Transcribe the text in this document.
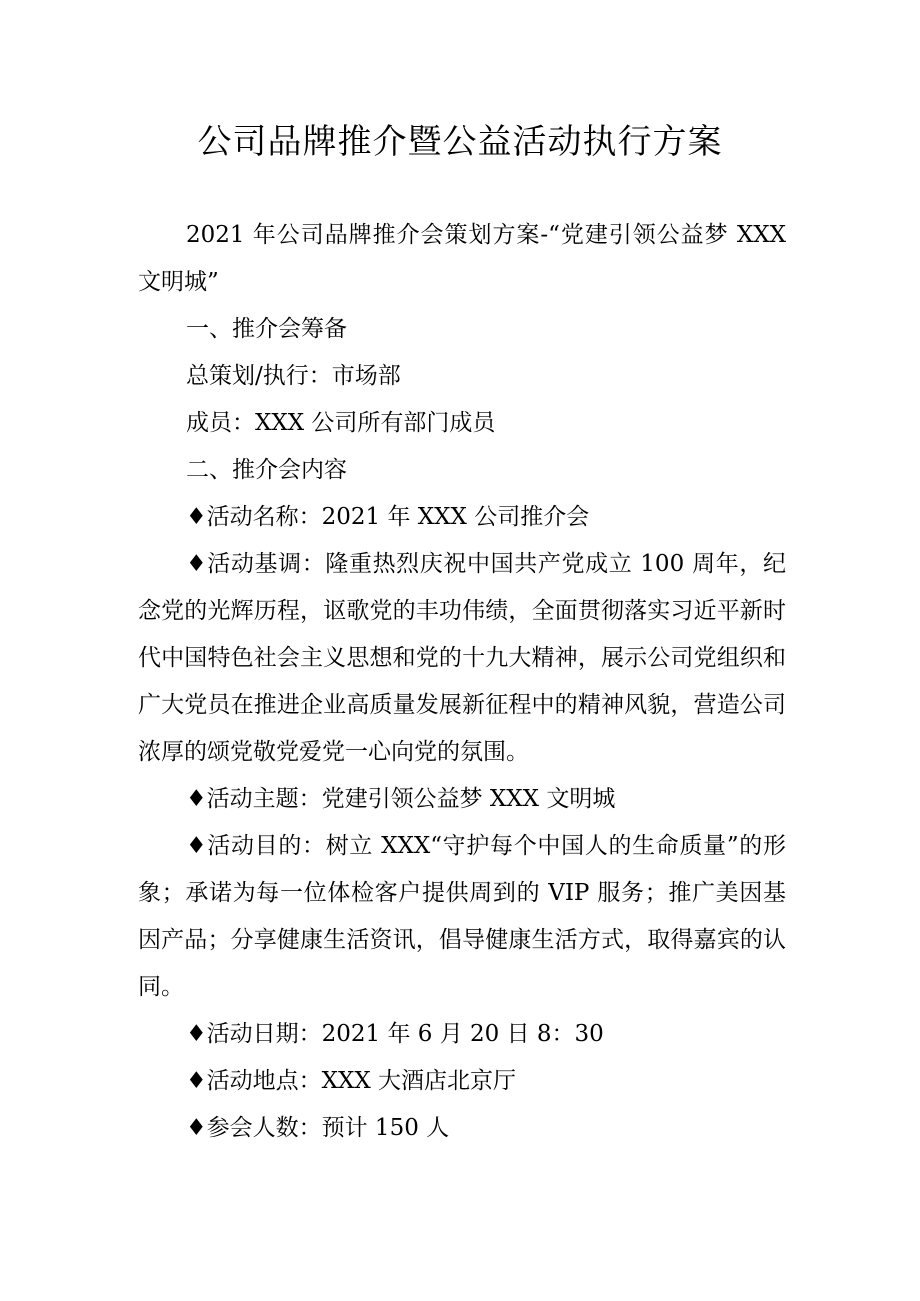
公司品牌推介暨公益活动执行方案

2021 年公司品牌推介会策划方案-“党建引领公益梦 XXX 文明城”

一、推介会筹备

总策划/执行：市场部

成员：XXX 公司所有部门成员

二、推介会内容

♦活动名称：2021 年 XXX 公司推介会

♦活动基调：隆重热烈庆祝中国共产党成立 100 周年，纪念党的光辉历程，讴歌党的丰功伟绩，全面贯彻落实习近平新时代中国特色社会主义思想和党的十九大精神，展示公司党组织和广大党员在推进企业高质量发展新征程中的精神风貌，营造公司浓厚的颂党敬党爱党一心向党的氛围。

♦活动主题：党建引领公益梦 XXX 文明城

♦活动目的：树立 XXX“守护每个中国人的生命质量”的形象；承诺为每一位体检客户提供周到的 VIP 服务；推广美因基因产品；分享健康生活资讯，倡导健康生活方式，取得嘉宾的认同。

♦活动日期：2021 年 6 月 20 日 8：30

♦活动地点：XXX 大酒店北京厅

♦参会人数：预计 150 人
